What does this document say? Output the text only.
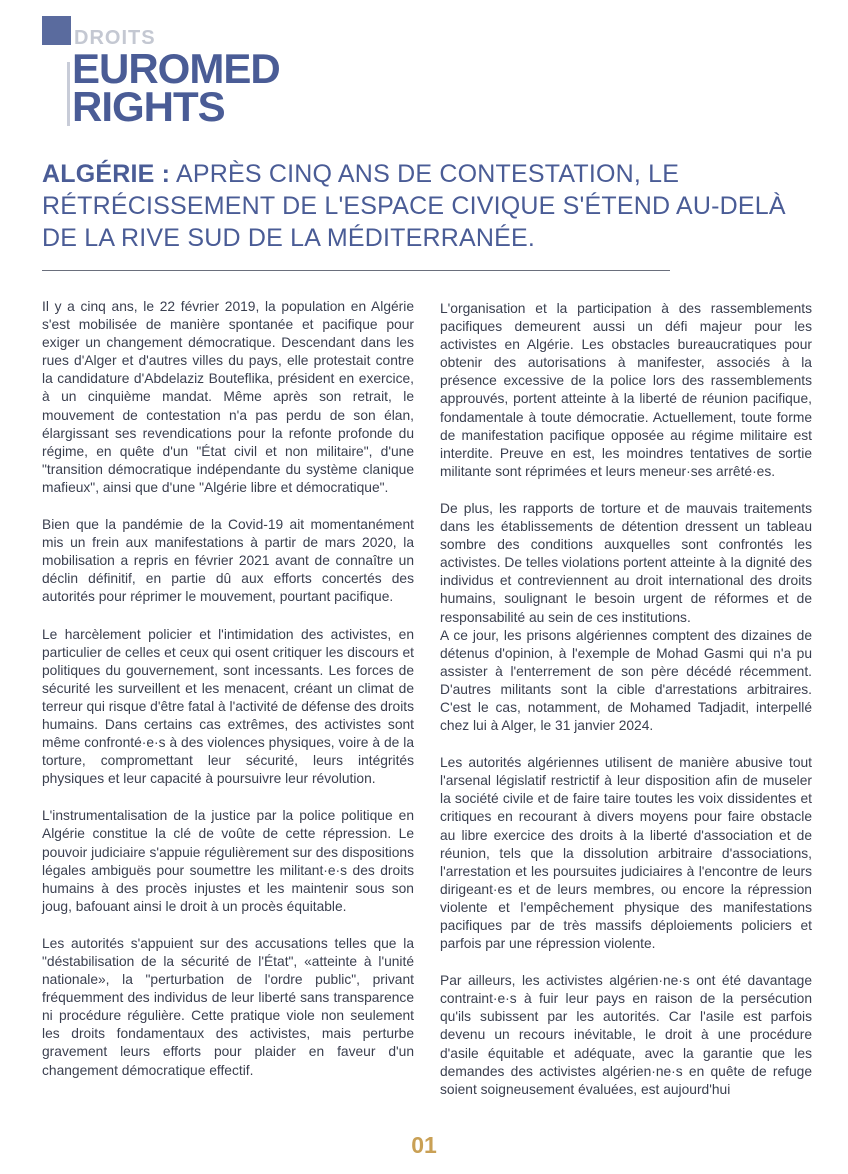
DROITS
EUROMED
RIGHTS
ALGÉRIE : APRÈS CINQ ANS DE CONTESTATION, LE RÉTRÉCISSEMENT DE L'ESPACE CIVIQUE S'ÉTEND AU-DELÀ DE LA RIVE SUD DE LA MÉDITERRANÉE.

Il y a cinq ans, le 22 février 2019, la population en Algérie s'est mobilisée de manière spontanée et pacifique pour exiger un changement démocratique. Descendant dans les rues d'Alger et d'autres villes du pays, elle protestait contre la candidature d'Abdelaziz Bouteflika, président en exercice, à un cinquième mandat. Même après son retrait, le mouvement de contestation n'a pas perdu de son élan, élargissant ses revendications pour la refonte profonde du régime, en quête d'un "État civil et non militaire", d'une "transition démocratique indépendante du système clanique mafieux", ainsi que d'une "Algérie libre et démocratique".

Bien que la pandémie de la Covid-19 ait momentanément mis un frein aux manifestations à partir de mars 2020, la mobilisation a repris en février 2021 avant de connaître un déclin définitif, en partie dû aux efforts concertés des autorités pour réprimer le mouvement, pourtant pacifique.

Le harcèlement policier et l'intimidation des activistes, en particulier de celles et ceux qui osent critiquer les discours et politiques du gouvernement, sont incessants. Les forces de sécurité les surveillent et les menacent, créant un climat de terreur qui risque d'être fatal à l'activité de défense des droits humains. Dans certains cas extrêmes, des activistes sont même confronté·e·s à des violences physiques, voire à de la torture, compromettant leur sécurité, leurs intégrités physiques et leur capacité à poursuivre leur révolution.

L'instrumentalisation de la justice par la police politique en Algérie constitue la clé de voûte de cette répression. Le pouvoir judiciaire s'appuie régulièrement sur des dispositions légales ambiguës pour soumettre les militant·e·s des droits humains à des procès injustes et les maintenir sous son joug, bafouant ainsi le droit à un procès équitable.

Les autorités s'appuient sur des accusations telles que la "déstabilisation de la sécurité de l'État", «atteinte à l'unité nationale», la "perturbation de l'ordre public", privant fréquemment des individus de leur liberté sans transparence ni procédure régulière. Cette pratique viole non seulement les droits fondamentaux des activistes, mais perturbe gravement leurs efforts pour plaider en faveur d'un changement démocratique effectif.

L'organisation et la participation à des rassemblements pacifiques demeurent aussi un défi majeur pour les activistes en Algérie. Les obstacles bureaucratiques pour obtenir des autorisations à manifester, associés à la présence excessive de la police lors des rassemblements approuvés, portent atteinte à la liberté de réunion pacifique, fondamentale à toute démocratie. Actuellement, toute forme de manifestation pacifique opposée au régime militaire est interdite. Preuve en est, les moindres tentatives de sortie militante sont réprimées et leurs meneur·ses arrêté·es.

De plus, les rapports de torture et de mauvais traitements dans les établissements de détention dressent un tableau sombre des conditions auxquelles sont confrontés les activistes. De telles violations portent atteinte à la dignité des individus et contreviennent au droit international des droits humains, soulignant le besoin urgent de réformes et de responsabilité au sein de ces institutions.

A ce jour, les prisons algériennes comptent des dizaines de détenus d'opinion, à l'exemple de Mohad Gasmi qui n'a pu assister à l'enterrement de son père décédé récemment. D'autres militants sont la cible d'arrestations arbitraires. C'est le cas, notamment, de Mohamed Tadjadit, interpellé chez lui à Alger, le 31 janvier 2024.

Les autorités algériennes utilisent de manière abusive tout l'arsenal législatif restrictif à leur disposition afin de museler la société civile et de faire taire toutes les voix dissidentes et critiques en recourant à divers moyens pour faire obstacle au libre exercice des droits à la liberté d'association et de réunion, tels que la dissolution arbitraire d'associations, l'arrestation et les poursuites judiciaires à l'encontre de leurs dirigeant·es et de leurs membres, ou encore la répression violente et l'empêchement physique des manifestations pacifiques par de très massifs déploiements policiers et parfois par une répression violente.

Par ailleurs, les activistes algérien·ne·s ont été davantage contraint·e·s à fuir leur pays en raison de la persécution qu'ils subissent par les autorités. Car l'asile est parfois devenu un recours inévitable, le droit à une procédure d'asile équitable et adéquate, avec la garantie que les demandes des activistes algérien·ne·s en quête de refuge soient soigneusement évaluées, est aujourd'hui

01
